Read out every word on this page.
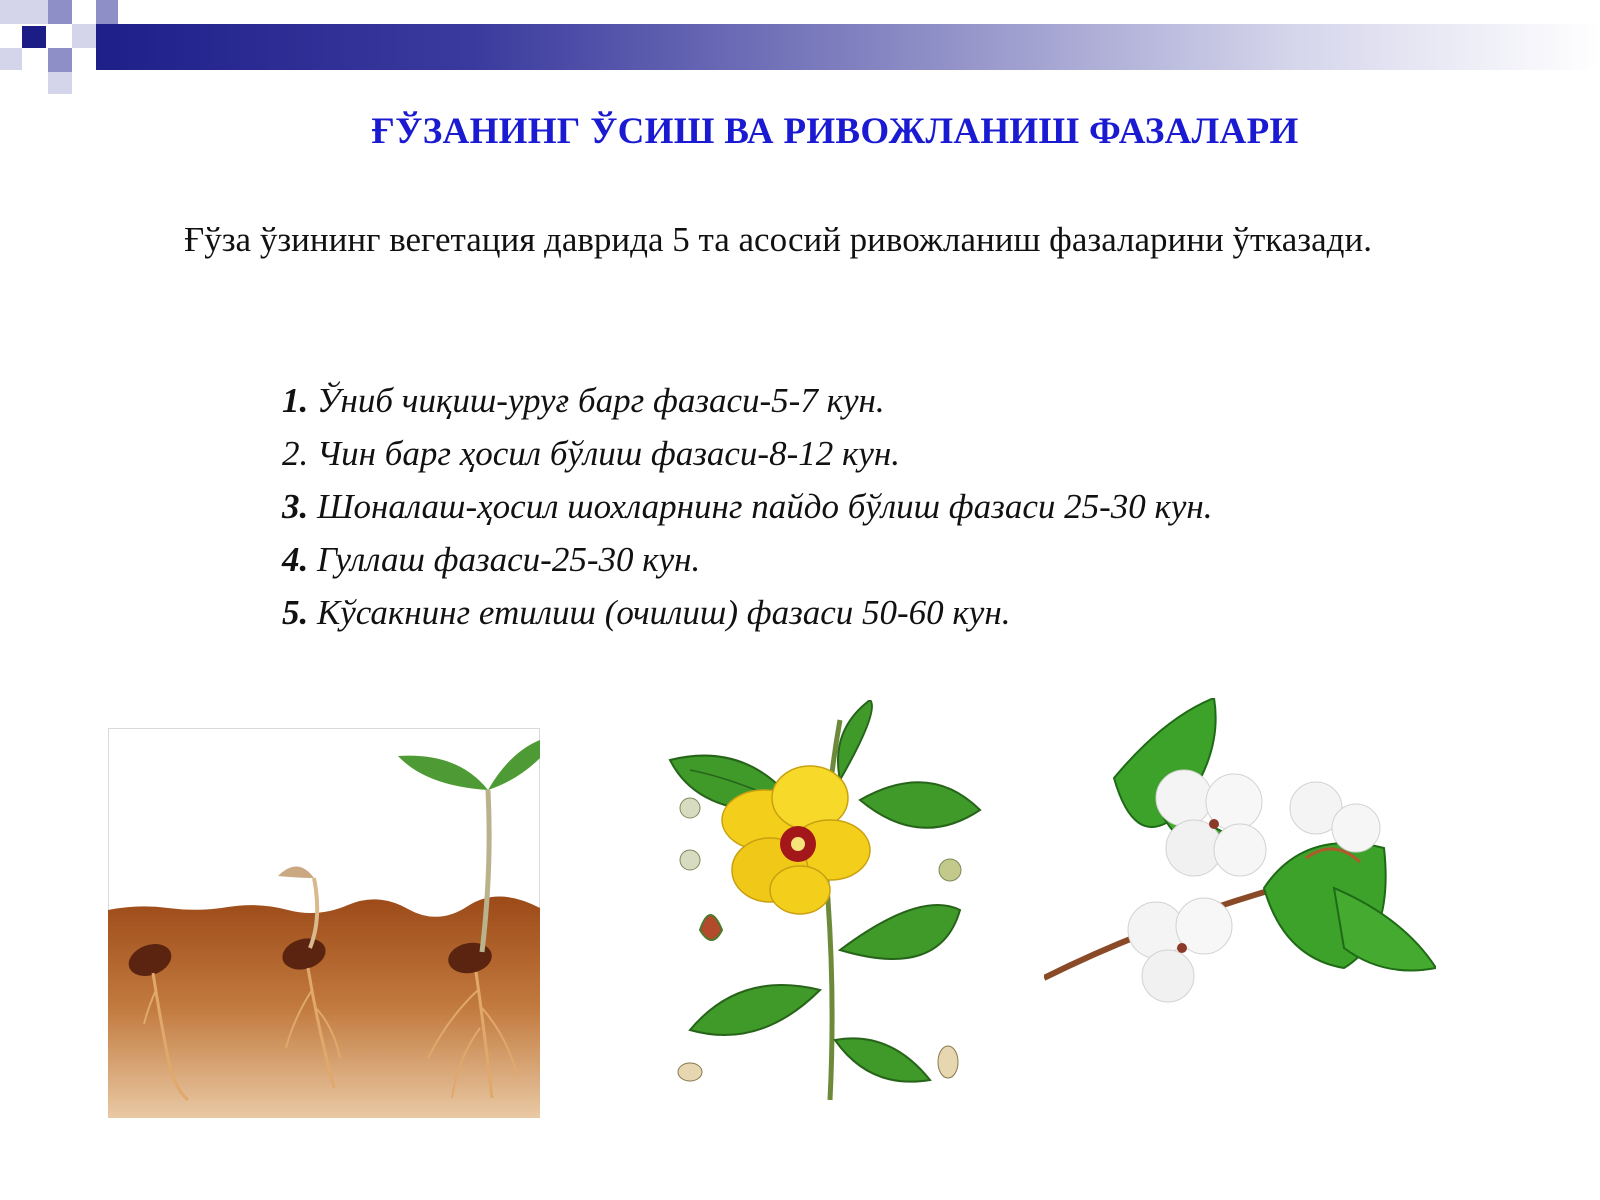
ҒЎЗАНИНГ ЎСИШ ВА РИВОЖЛАНИШ ФАЗАЛАРИ

Ғўза ўзининг вегетация даврида 5 та асосий ривожланиш фазаларини ўтказади.

1. Ўниб чиқиш-уруғ барг фазаси-5-7 кун.
2. Чин барг ҳосил бўлиш фазаси-8-12 кун.
3. Шоналаш-ҳосил шохларнинг пайдо бўлиш фазаси 25-30 кун.
4. Гуллаш фазаси-25-30 кун.
5. Кўсакнинг етилиш (очилиш) фазаси 50-60 кун.
